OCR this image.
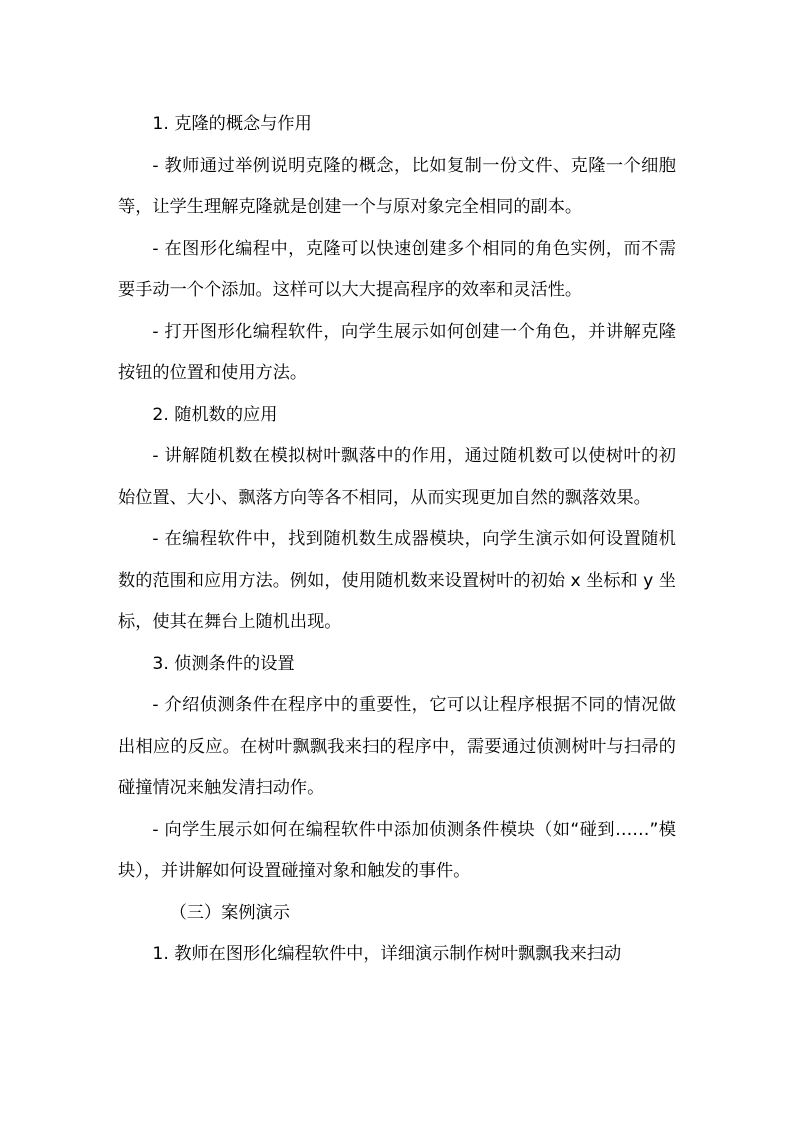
1. 克隆的概念与作用

- 教师通过举例说明克隆的概念，比如复制一份文件、克隆一个细胞等，让学生理解克隆就是创建一个与原对象完全相同的副本。

- 在图形化编程中，克隆可以快速创建多个相同的角色实例，而不需要手动一个个添加。这样可以大大提高程序的效率和灵活性。

- 打开图形化编程软件，向学生展示如何创建一个角色，并讲解克隆按钮的位置和使用方法。

2. 随机数的应用

- 讲解随机数在模拟树叶飘落中的作用，通过随机数可以使树叶的初始位置、大小、飘落方向等各不相同，从而实现更加自然的飘落效果。

- 在编程软件中，找到随机数生成器模块，向学生演示如何设置随机数的范围和应用方法。例如，使用随机数来设置树叶的初始 x 坐标和 y 坐标，使其在舞台上随机出现。

3. 侦测条件的设置

- 介绍侦测条件在程序中的重要性，它可以让程序根据不同的情况做出相应的反应。在树叶飘飘我来扫的程序中，需要通过侦测树叶与扫帚的碰撞情况来触发清扫动作。

- 向学生展示如何在编程软件中添加侦测条件模块（如“碰到……”模块），并讲解如何设置碰撞对象和触发的事件。

（三）案例演示

1. 教师在图形化编程软件中，详细演示制作树叶飘飘我来扫动
